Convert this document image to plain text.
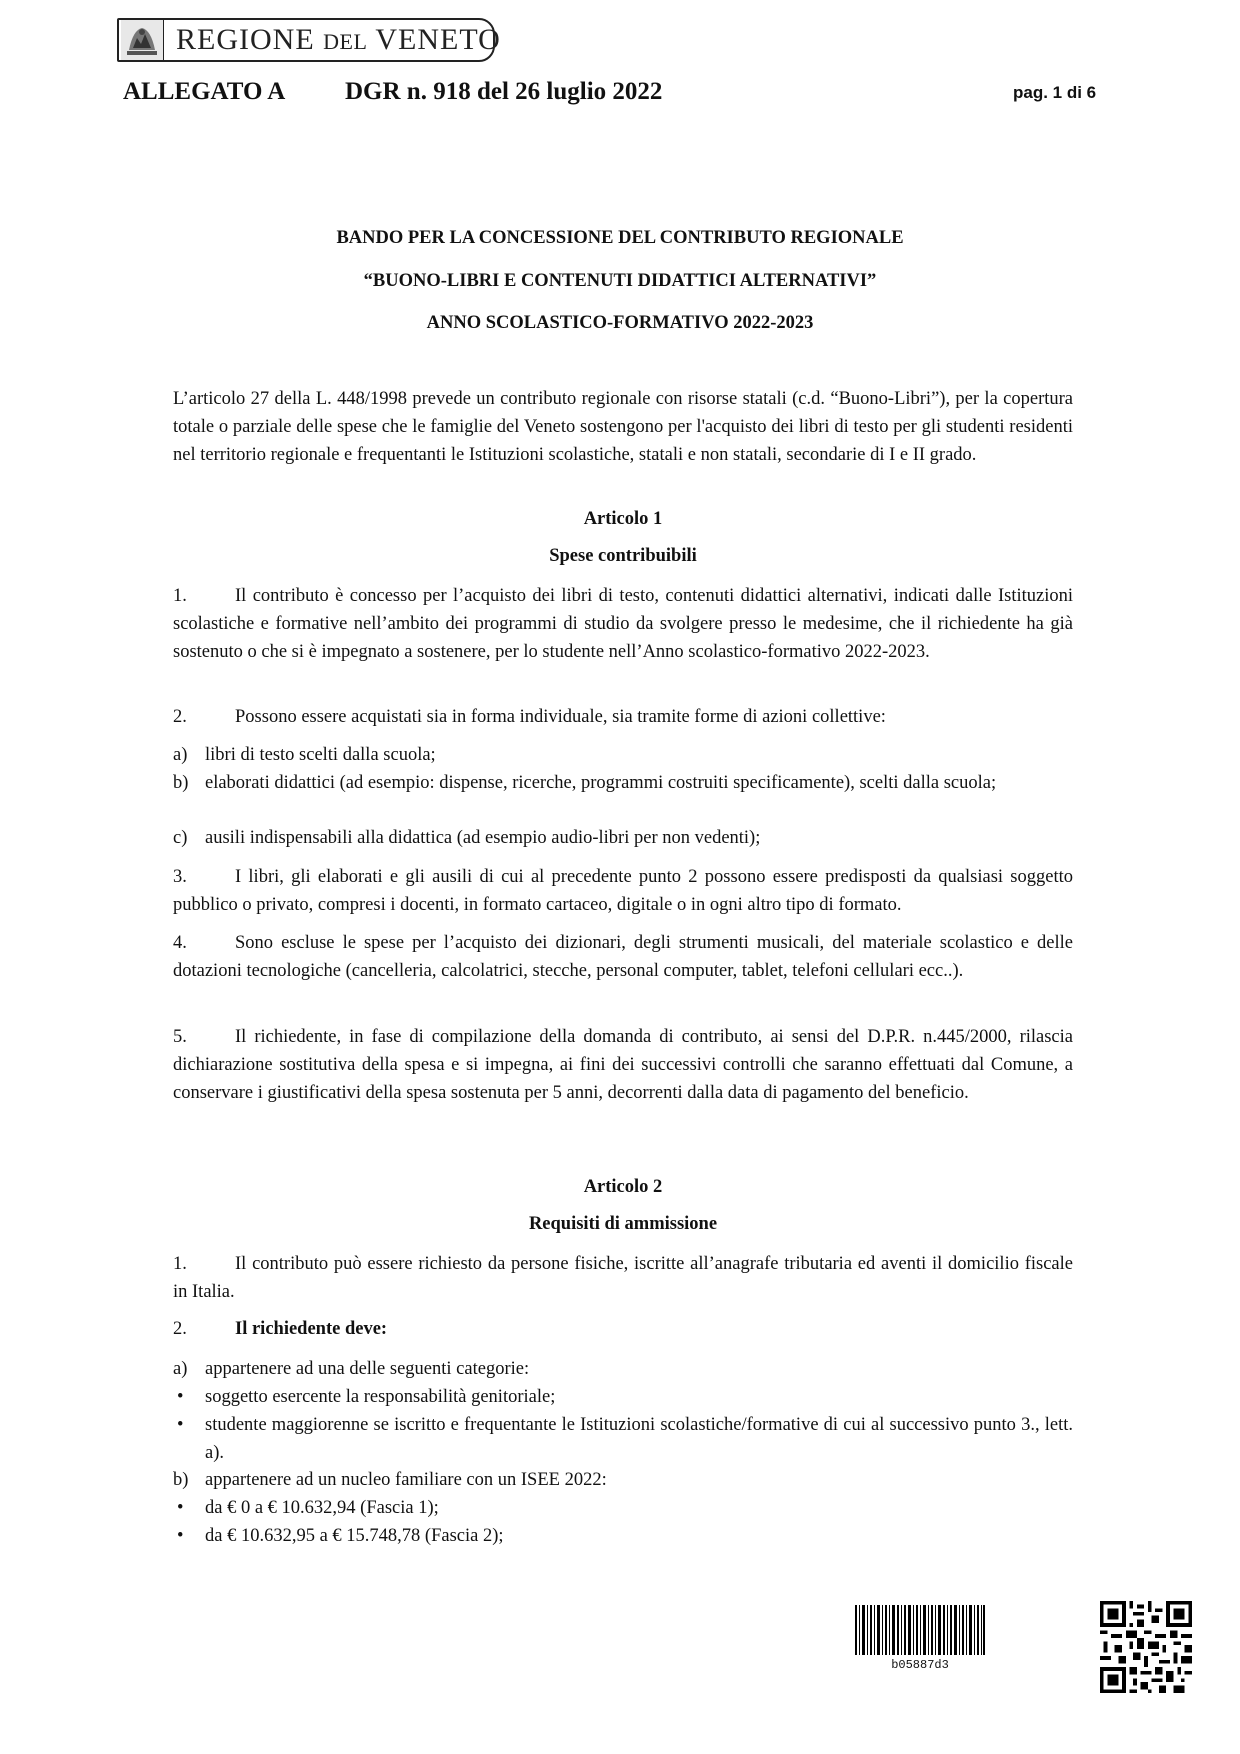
REGIONE DEL VENETO
ALLEGATO A DGR n. 918 del 26 luglio 2022	pag. 1 di 6
BANDO PER LA CONCESSIONE DEL CONTRIBUTO REGIONALE
“BUONO-LIBRI E CONTENUTI DIDATTICI ALTERNATIVI”
ANNO SCOLASTICO-FORMATIVO 2022-2023
L’articolo 27 della L. 448/1998 prevede un contributo regionale con risorse statali (c.d. “Buono-Libri”), per la copertura totale o parziale delle spese che le famiglie del Veneto sostengono per l'acquisto dei libri di testo per gli studenti residenti nel territorio regionale e frequentanti le Istituzioni scolastiche, statali e non statali, secondarie di I e II grado.
Articolo 1
Spese contribuibili
1.	Il contributo è concesso per l’acquisto dei libri di testo, contenuti didattici alternativi, indicati dalle Istituzioni scolastiche e formative nell’ambito dei programmi di studio da svolgere presso le medesime, che il richiedente ha già sostenuto o che si è impegnato a sostenere, per lo studente nell’Anno scolastico-formativo 2022-2023.
2.	Possono essere acquistati sia in forma individuale, sia tramite forme di azioni collettive:
a) libri di testo scelti dalla scuola;
b) elaborati didattici (ad esempio: dispense, ricerche, programmi costruiti specificamente), scelti dalla scuola;
c) ausili indispensabili alla didattica (ad esempio audio-libri per non vedenti);
3.	I libri, gli elaborati e gli ausili di cui al precedente punto 2 possono essere predisposti da qualsiasi soggetto pubblico o privato, compresi i docenti, in formato cartaceo, digitale o in ogni altro tipo di formato.
4.	Sono escluse le spese per l’acquisto dei dizionari, degli strumenti musicali, del materiale scolastico e delle dotazioni tecnologiche (cancelleria, calcolatrici, stecche, personal computer, tablet, telefoni cellulari ecc..).
5.	Il richiedente, in fase di compilazione della domanda di contributo, ai sensi del D.P.R. n.445/2000, rilascia dichiarazione sostitutiva della spesa e si impegna, ai fini dei successivi controlli che saranno effettuati dal Comune, a conservare i giustificativi della spesa sostenuta per 5 anni, decorrenti dalla data di pagamento del beneficio.
Articolo 2
Requisiti di ammissione
1.	Il contributo può essere richiesto da persone fisiche, iscritte all’anagrafe tributaria ed aventi il domicilio fiscale in Italia.
2.	Il richiedente deve:
a) appartenere ad una delle seguenti categorie:
•	soggetto esercente la responsabilità genitoriale;
•	studente maggiorenne se iscritto e frequentante le Istituzioni scolastiche/formative di cui al successivo punto 3., lett. a).
b) appartenere ad un nucleo familiare con un ISEE 2022:
•	da € 0 a € 10.632,94 (Fascia 1);
•	da € 10.632,95 a € 15.748,78 (Fascia 2);
b05887d3
